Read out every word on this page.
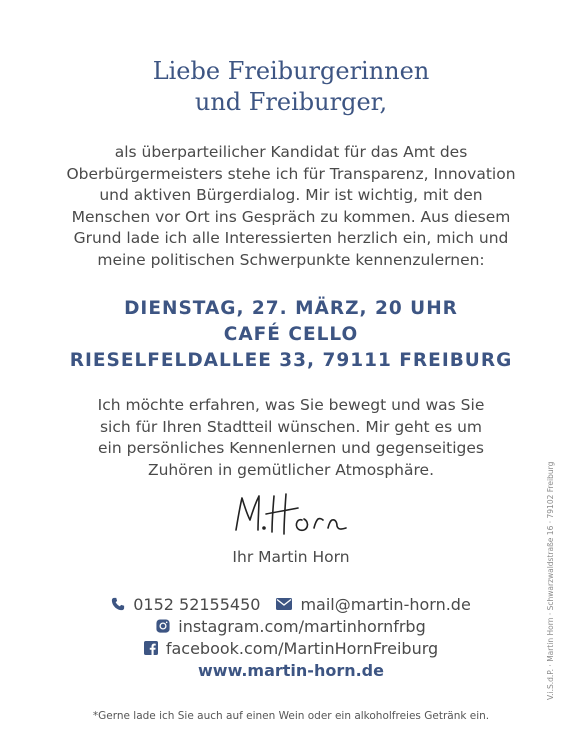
Liebe Freiburgerinnen
und Freiburger,
als überparteilicher Kandidat für das Amt des
Oberbürgermeisters stehe ich für Transparenz, Innovation
und aktiven Bürgerdialog. Mir ist wichtig, mit den
Menschen vor Ort ins Gespräch zu kommen. Aus diesem
Grund lade ich alle Interessierten herzlich ein, mich und
meine politischen Schwerpunkte kennenzulernen:
DIENSTAG, 27. MÄRZ, 20 UHR
CAFÉ CELLO
RIESELFELDALLEE 33, 79111 FREIBURG
Ich möchte erfahren, was Sie bewegt und was Sie
sich für Ihren Stadtteil wünschen. Mir geht es um
ein persönliches Kennenlernen und gegenseitiges
Zuhören in gemütlicher Atmosphäre.
Ihr Martin Horn
0152 52155450	mail@martin-horn.de
instagram.com/martinhornfrbg
facebook.com/MartinHornFreiburg
www.martin-horn.de
*Gerne lade ich Sie auch auf einen Wein oder ein alkoholfreies Getränk ein.
V.i.S.d.P. · Martin Horn · Schwarzwaldstraße 16 · 79102 Freiburg
